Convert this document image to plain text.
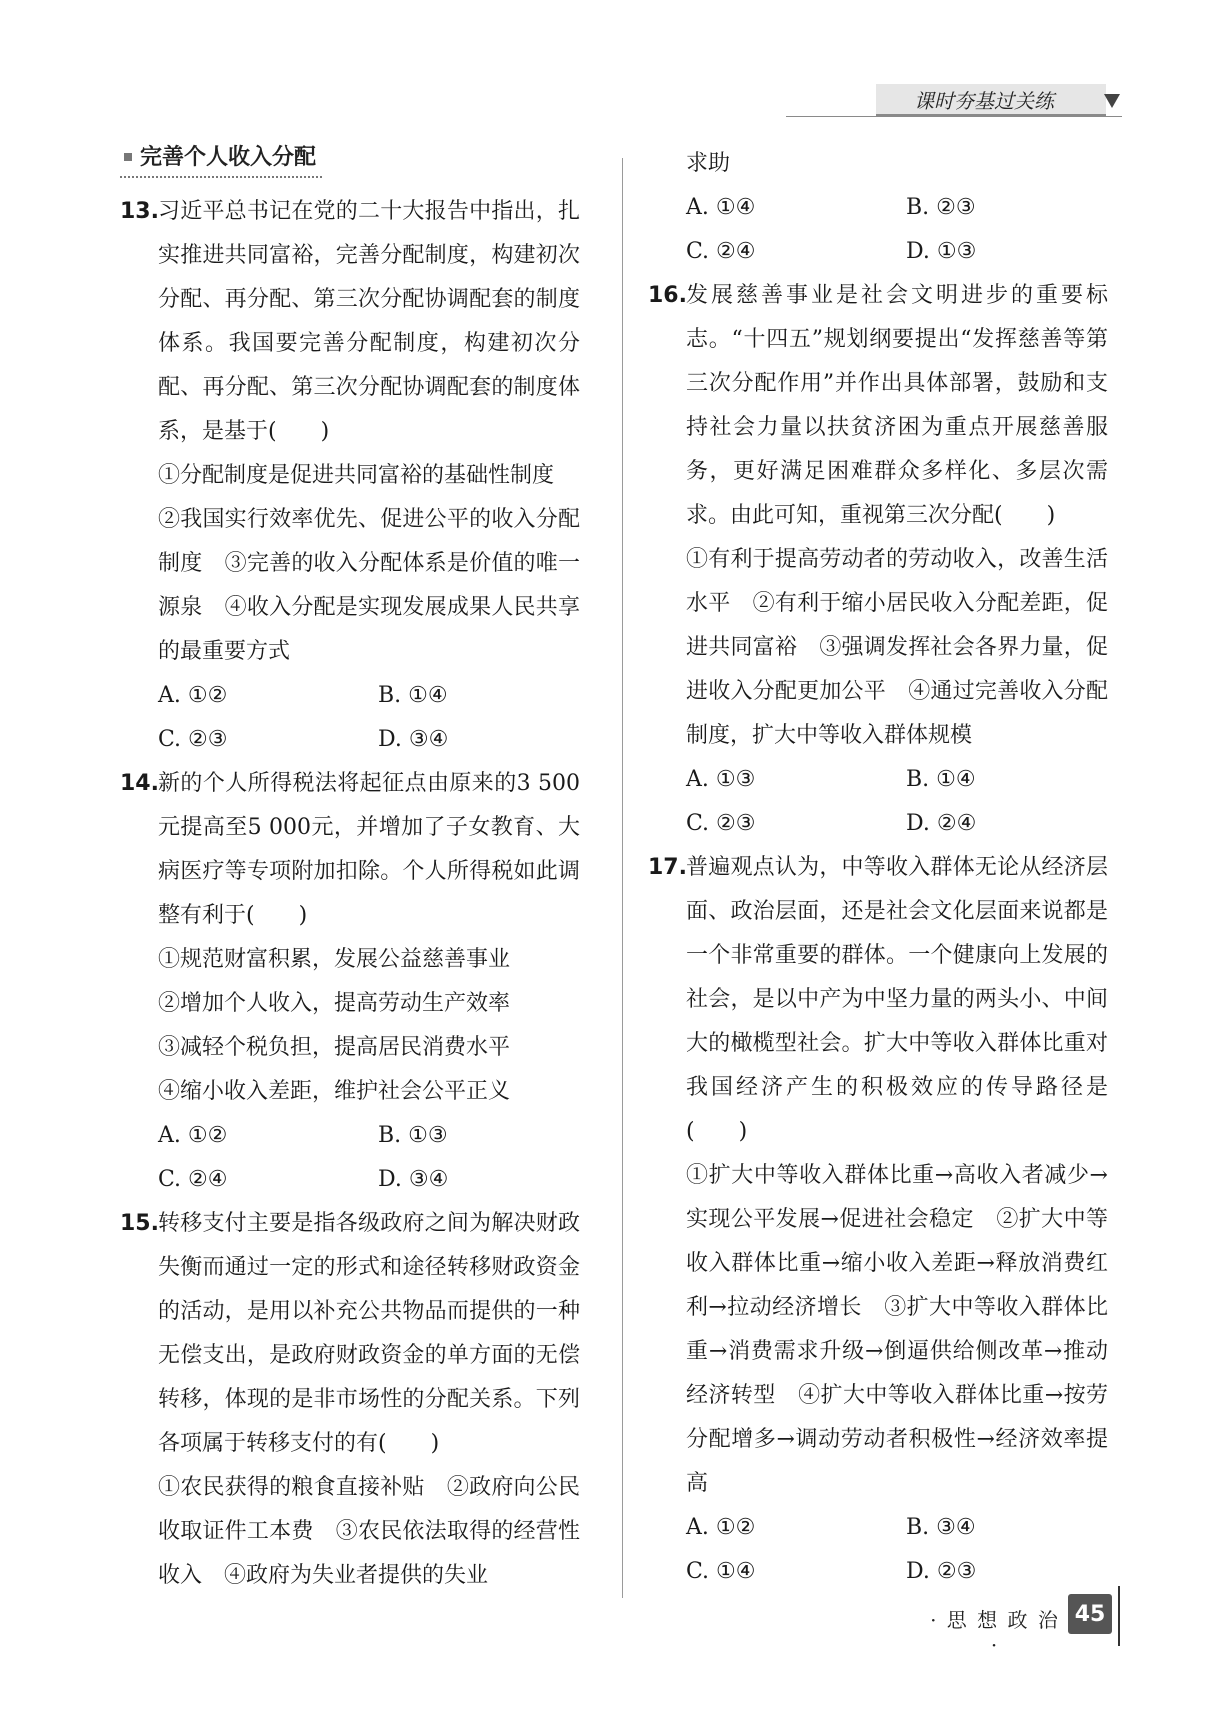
课时夯基过关练
完善个人收入分配
13. 习近平总书记在党的二十大报告中指出，扎实推进共同富裕，完善分配制度，构建初次分配、再分配、第三次分配协调配套的制度体系。我国要完善分配制度，构建初次分配、再分配、第三次分配协调配套的制度体系，是基于(　　)
①分配制度是促进共同富裕的基础性制度
②我国实行效率优先、促进公平的收入分配制度　③完善的收入分配体系是价值的唯一源泉　④收入分配是实现发展成果人民共享的最重要方式
A. ①②	B. ①④
C. ②③	D. ③④
14. 新的个人所得税法将起征点由原来的3 500元提高至5 000元，并增加了子女教育、大病医疗等专项附加扣除。个人所得税如此调整有利于(　　)
①规范财富积累，发展公益慈善事业
②增加个人收入，提高劳动生产效率
③减轻个税负担，提高居民消费水平
④缩小收入差距，维护社会公平正义
A. ①②	B. ①③
C. ②④	D. ③④
15. 转移支付主要是指各级政府之间为解决财政失衡而通过一定的形式和途径转移财政资金的活动，是用以补充公共物品而提供的一种无偿支出，是政府财政资金的单方面的无偿转移，体现的是非市场性的分配关系。下列各项属于转移支付的有(　　)
①农民获得的粮食直接补贴　②政府向公民收取证件工本费　③农民依法取得的经营性收入　④政府为失业者提供的失业
求助
A. ①④	B. ②③
C. ②④	D. ①③
16. 发展慈善事业是社会文明进步的重要标志。“十四五”规划纲要提出“发挥慈善等第三次分配作用”并作出具体部署，鼓励和支持社会力量以扶贫济困为重点开展慈善服务，更好满足困难群众多样化、多层次需求。由此可知，重视第三次分配(　　)
①有利于提高劳动者的劳动收入，改善生活水平　②有利于缩小居民收入分配差距，促进共同富裕　③强调发挥社会各界力量，促进收入分配更加公平　④通过完善收入分配制度，扩大中等收入群体规模
A. ①③	B. ①④
C. ②③	D. ②④
17. 普遍观点认为，中等收入群体无论从经济层面、政治层面，还是社会文化层面来说都是一个非常重要的群体。一个健康向上发展的社会，是以中产为中坚力量的两头小、中间大的橄榄型社会。扩大中等收入群体比重对我国经济产生的积极效应的传导路径是(　　)
①扩大中等收入群体比重→高收入者减少→实现公平发展→促进社会稳定　②扩大中等收入群体比重→缩小收入差距→释放消费红利→拉动经济增长　③扩大中等收入群体比重→消费需求升级→倒逼供给侧改革→推动经济转型　④扩大中等收入群体比重→按劳分配增多→调动劳动者积极性→经济效率提高
A. ①②	B. ③④
C. ①④	D. ②③
· 思 想 政 治 ·
45
